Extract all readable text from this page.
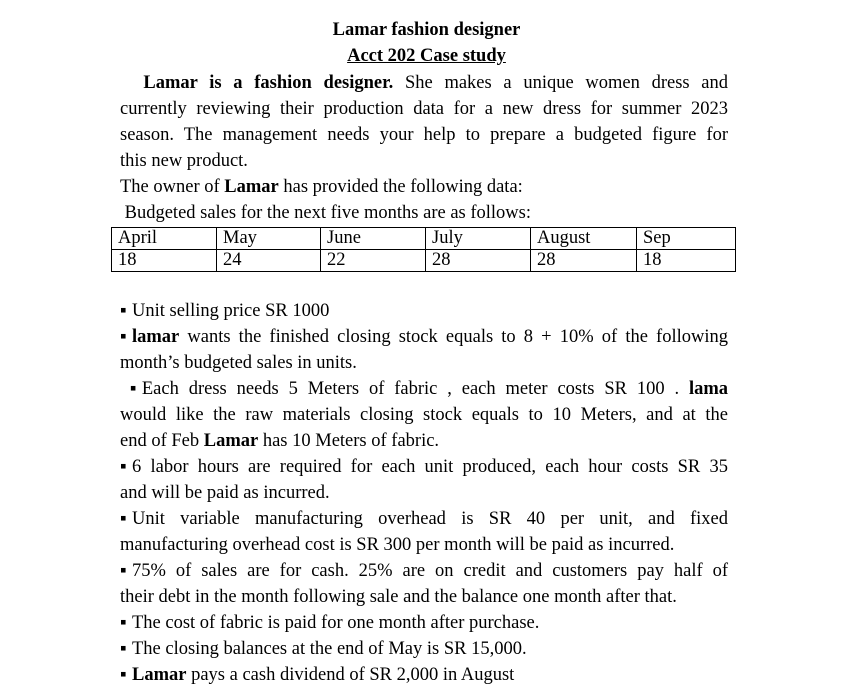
Lamar fashion designer
Acct 202 Case study
Lamar is a fashion designer. She makes a unique women dress and
currently reviewing their production data for a new dress for summer 2023
season. The management needs your help to prepare a budgeted figure for
this new product.
The owner of Lamar has provided the following data:
Budgeted sales for the next five months are as follows:
April	May	June	July	August	Sep
18	24	22	28	28	18
▪ Unit selling price SR 1000
▪ lamar wants the finished closing stock equals to 8 + 10% of the following
month’s budgeted sales in units.
▪ Each dress needs 5 Meters of fabric , each meter costs SR 100 . lama
would like the raw materials closing stock equals to 10 Meters, and at the
end of Feb Lamar has 10 Meters of fabric.
▪ 6 labor hours are required for each unit produced, each hour costs SR 35
and will be paid as incurred.
▪ Unit variable manufacturing overhead is SR 40 per unit, and fixed
manufacturing overhead cost is SR 300 per month will be paid as incurred.
▪ 75% of sales are for cash. 25% are on credit and customers pay half of
their debt in the month following sale and the balance one month after that.
▪ The cost of fabric is paid for one month after purchase.
▪ The closing balances at the end of May is SR 15,000.
▪ Lamar pays a cash dividend of SR 2,000 in August
